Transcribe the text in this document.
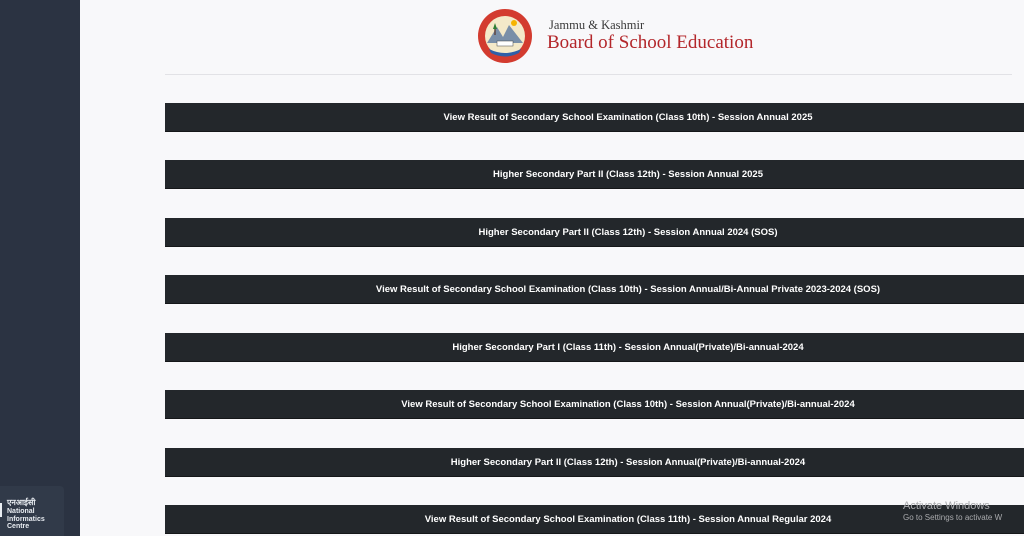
एनआईसी
National
Informatics
Centre
Jammu & Kashmir
Board of School Education
View Result of Secondary School Examination (Class 10th) - Session Annual 2025
Higher Secondary Part II (Class 12th) - Session Annual 2025
Higher Secondary Part II (Class 12th) - Session Annual 2024 (SOS)
View Result of Secondary School Examination (Class 10th) - Session Annual/Bi-Annual Private 2023-2024 (SOS)
Higher Secondary Part I (Class 11th) - Session Annual(Private)/Bi-annual-2024
View Result of Secondary School Examination (Class 10th) - Session Annual(Private)/Bi-annual-2024
Higher Secondary Part II (Class 12th) - Session Annual(Private)/Bi-annual-2024
View Result of Secondary School Examination (Class 11th) - Session Annual Regular 2024
Activate Windows
Go to Settings to activate W
